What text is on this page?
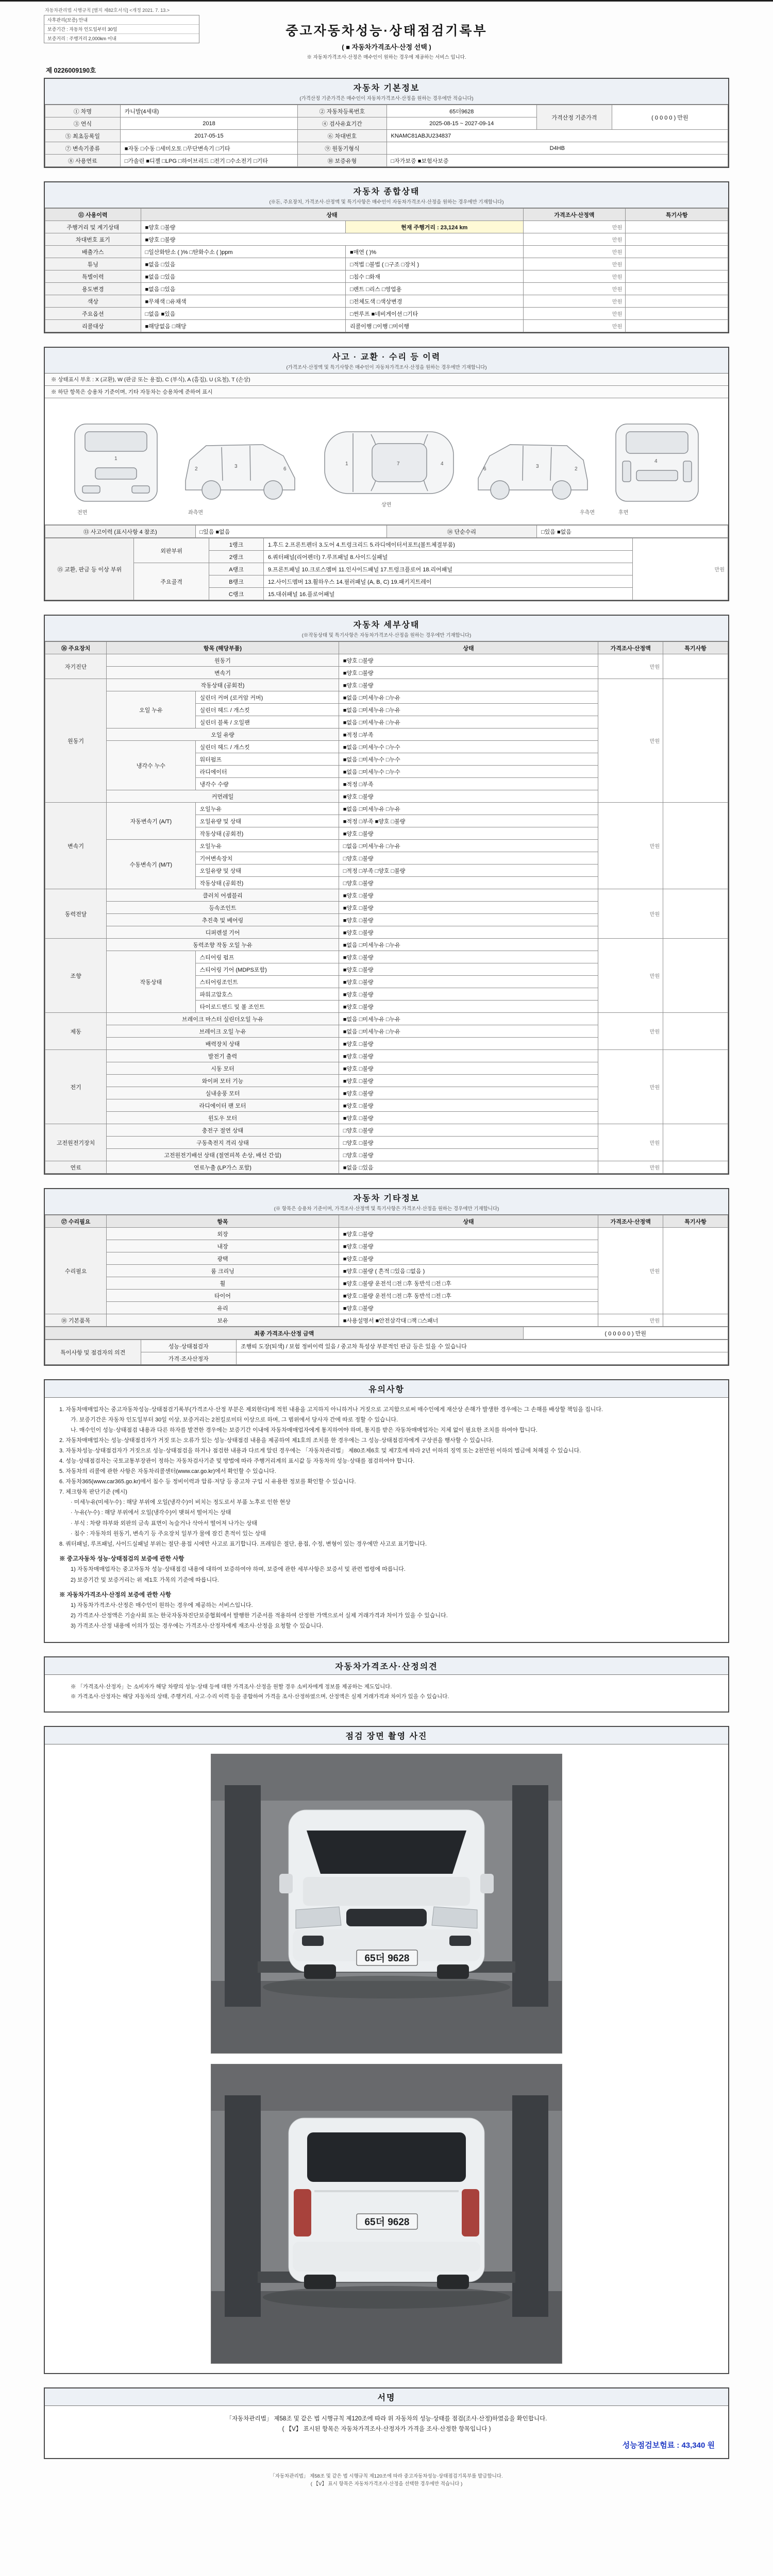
자동차관리법 시행규칙 [별지 제82호서식] <개정 2021. 7. 13.>
사후관리(보증) 안내
보증기간 : 자동차 인도일부터 30일
보증거리 : 주행거리 2,000km 이내
중고자동차성능·상태점검기록부
( ■ 자동차가격조사·산정 선택 )
※ 자동차가격조사·산정은 매수인이 원하는 경우에 제공하는 서비스 입니다.
제 0226009190호
자동차 기본정보
(가격산정 기준가격은 매수인이 자동차가격조사·산정을 원하는 경우에만 적습니다)
① 차명	카니발(4세대)	② 자동차등록번호	65더9628	가격산정 기준가격	( 0 0 0 0 ) 만원
③ 연식	2018	④ 검사유효기간	2025-08-15 ~ 2027-09-14		
⑤ 최초등록일	2017-05-15	⑥ 차대번호	KNAMC81ABJU234837		
⑦ 변속기종류	■자동 □수동 □세미오토 □무단변속기 □기타	⑨ 원동기형식	D4HB		
⑧ 사용연료	□가솔린 ■디젤 □LPG □하이브리드 □전기 □수소전기 □기타	⑩ 보증유형	□자가보증 ■보험사보증		
자동차 종합상태
(※돈, 주요장치, 가격조사·산정액 및 특기사항은 매수인이 자동차가격조사·산정을 원하는 경우에만 기재합니다)
⑪ 사용이력	상태		가격조사·산정액	특기사항
주행거리 및 계기상태	■양호 □불량	현재 주행거리 : 23,124 km	만원	
차대번호 표기	■양호 □불량		만원	
배출가스	□일산화탄소 ( )% □탄화수소 ( )ppm	■매연 ( )%	만원	
튜닝	■없음 □있음	□적법 □불법 ( □구조 □장치 )	만원	
특별이력	■없음 □있음	□침수 □화재	만원	
용도변경	■없음 □있음	□렌트 □리스 □영업용	만원	
색상	■무채색 □유채색	□전체도색 □색상변경	만원	
주요옵션	□없음 ■있음	□썬루프 ■네비게이션 □기타	만원	
리콜대상	■해당없음 □해당	리콜이행 □이행 □미이행	만원	
사고 · 교환 · 수리 등 이력
(가격조사·산정액 및 특기사항은 매수인이 자동차가격조사·산정을 원하는 경우에만 기재합니다)
※ 상태표시 부호 : X (교환), W (판금 또는 용접), C (부식), A (흠집), U (요철), T (손상)
※ 하단 항목은 승용차 기준이며, 기타 자동차는 승용차에 준하여 표시
1
전면
2	3	6
좌측면
1	7	4
상면
2
3
6
우측면
4
후면
⑬ 사고이력 (표시사항 4 참조)	□있음 ■없음	⑭ 단순수리	□있음 ■없음
⑮ 교환, 판금 등 이상 부위	외판부위	1랭크	1.후드 2.프론트펜더 3.도어 4.트렁크리드 5.라디에이터서포트(볼트체결부품)	만원
		2랭크	6.쿼터패널(리어펜더) 7.루프패널 8.사이드실패널	
	주요골격	A랭크	9.프론트패널 10.크로스멤버 11.인사이드패널 17.트렁크플로어 18.리어패널	
		B랭크	12.사이드멤버 13.휠하우스 14.필러패널 (A, B, C) 19.패키지트레이	
		C랭크	15.대쉬패널 16.플로어패널	
자동차 세부상태
(※작동상태 및 특기사항은 자동차가격조사·산정을 원하는 경우에만 기재합니다)
⑯ 주요장치	항목 (해당부품)		상태	가격조사·산정액	특기사항
자기진단	원동기		■양호 □불량	만원	
	변속기		■양호 □불량		
원동기	작동상태 (공회전)		■양호 □불량	만원	
	오일 누유	실린더 커버 (로커암 커버)	■없음 □미세누유 □누유		
		실린더 헤드 / 개스킷	■없음 □미세누유 □누유		
		실린더 블록 / 오일팬	■없음 □미세누유 □누유		
	오일 유량		■적정 □부족		
	냉각수 누수	실린더 헤드 / 개스킷	■없음 □미세누수 □누수		
		워터펌프	■없음 □미세누수 □누수		
		라디에이터	■없음 □미세누수 □누수		
		냉각수 수량	■적정 □부족		
	커먼레일		■양호 □불량		
변속기	자동변속기 (A/T)	오일누유	■없음 □미세누유 □누유	만원	
		오일유량 및 상태	■적정 □부족 ■양호 □불량		
		작동상태 (공회전)	■양호 □불량		
	수동변속기 (M/T)	오일누유	□없음 □미세누유 □누유		
		기어변속장치	□양호 □불량		
		오일유량 및 상태	□적정 □부족 □양호 □불량		
		작동상태 (공회전)	□양호 □불량		
동력전달	클러치 어셈블리		■양호 □불량	만원	
	등속조인트		■양호 □불량		
	추진축 및 베어링		■양호 □불량		
	디퍼렌셜 기어		■양호 □불량		
조향	동력조향 작동 오일 누유		■없음 □미세누유 □누유	만원	
	작동상태	스티어링 펌프	■양호 □불량		
		스티어링 기어 (MDPS포함)	■양호 □불량		
		스티어링조인트	■양호 □불량		
		파워고압호스	■양호 □불량		
		타이로드엔드 및 볼 조인트	■양호 □불량		
제동	브레이크 마스터 실린더오일 누유		■없음 □미세누유 □누유	만원	
	브레이크 오일 누유		■없음 □미세누유 □누유		
	배력장치 상태		■양호 □불량		
전기	발전기 출력		■양호 □불량	만원	
	시동 모터		■양호 □불량		
	와이퍼 모터 기능		■양호 □불량		
	실내송풍 모터		■양호 □불량		
	라디에이터 팬 모터		■양호 □불량		
	윈도우 모터		■양호 □불량		
고전원전기장치	충전구 절연 상태		□양호 □불량	만원	
	구동축전지 격리 상태		□양호 □불량		
	고전원전기배선 상태 (절연피복 손상, 배선 간섭)		□양호 □불량		
연료	연료누출 (LP가스 포함)		■없음 □있음	만원	
자동차 기타정보
(※ 항목은 승용차 기준이며, 가격조사·산정액 및 특기사항은 가격조사·산정을 원하는 경우에만 기재합니다)
⑰ 수리필요	항목	상태	가격조사·산정액	특기사항
수리필요	외장	■양호 □불량	만원	
	내장	■양호 □불량		
	광택	■양호 □불량		
	룸 크리닝	■양호 □불량 ( 흔적 □있음 □없음 )		
	휠	■양호 □불량 운전석 □전 □후 동반석 □전 □후		
	타이어	■양호 □불량 운전석 □전 □후 동반석 □전 □후		
	유리	■양호 □불량		
⑱ 기본품목	보유	■사용설명서 ■안전삼각대 □잭 □스패너	만원	
최종 가격조사·산정 금액	( 0 0 0 0 0 ) 만원
특이사항 및 점검자의 의견	성능·상태점검자	조행띠 도장(퇴색) / 보험 정비이력 있음 / 중고차 특성상 부분적인 판금 등은 있을 수 있습니다
	가격·조사산정자	
유의사항
1. 자동차매매업자는 중고자동차성능·상태점검기록부(가격조사·산정 부분은 제외한다)에 적힌 내용을 고지하지 아니하거나 거짓으로 고지함으로써 매수인에게 재산상 손해가 발생한 경우에는 그 손해를 배상할 책임을 집니다.
가. 보증기간은 자동차 인도일부터 30일 이상, 보증거리는 2천킬로미터 이상으로 하며, 그 범위에서 당사자 간에 따로 정할 수 있습니다.
나. 매수인이 성능·상태점검 내용과 다른 하자를 발견한 경우에는 보증기간 이내에 자동차매매업자에게 통지하여야 하며, 통지를 받은 자동차매매업자는 지체 없이 필요한 조치를 하여야 합니다.
2. 자동차매매업자는 성능·상태점검자가 거짓 또는 오류가 있는 성능·상태점검 내용을 제공하여 제1호의 조치를 한 경우에는 그 성능·상태점검자에게 구상권을 행사할 수 있습니다.
3. 자동차성능·상태점검자가 거짓으로 성능·상태점검을 하거나 점검한 내용과 다르게 알린 경우에는 「자동차관리법」 제80조제6호 및 제7호에 따라 2년 이하의 징역 또는 2천만원 이하의 벌금에 처해질 수 있습니다.
4. 성능·상태점검자는 국토교통부장관이 정하는 자동차검사기준 및 방법에 따라 주행거리계의 표시값 등 자동차의 성능·상태를 점검하여야 합니다.
5. 자동차의 리콜에 관한 사항은 자동차리콜센터(www.car.go.kr)에서 확인할 수 있습니다.
6. 자동차365(www.car365.go.kr)에서 침수 등 정비이력과 압류·저당 등 중고차 구입 시 유용한 정보를 확인할 수 있습니다.
7. 체크항목 판단기준 (예시)
· 미세누유(미세누수) : 해당 부위에 오일(냉각수)이 비치는 정도로서 부품 노후로 인한 현상
· 누유(누수) : 해당 부위에서 오일(냉각수)이 맺혀서 떨어지는 상태
· 부식 : 차량 하부와 외판의 금속 표면이 녹슬거나 삭아서 떨어져 나가는 상태
· 침수 : 자동차의 원동기, 변속기 등 주요장치 일부가 물에 잠긴 흔적이 있는 상태
8. 쿼터패널, 루프패널, 사이드실패널 부위는 절단·용접 시에만 사고로 표기합니다. 프레임은 절단, 용접, 수정, 변형이 있는 경우에만 사고로 표기합니다.
※ 중고자동차 성능·상태점검의 보증에 관한 사항
1) 자동차매매업자는 중고자동차 성능·상태점검 내용에 대하여 보증하여야 하며, 보증에 관한 세부사항은 보증서 및 관련 법령에 따릅니다.
2) 보증기간 및 보증거리는 위 제1호 가목의 기준에 따릅니다.
※ 자동차가격조사·산정의 보증에 관한 사항
1) 자동차가격조사·산정은 매수인이 원하는 경우에 제공하는 서비스입니다.
2) 가격조사·산정액은 기술사회 또는 한국자동차진단보증협회에서 발행한 기준서를 적용하여 산정한 가액으로서 실제 거래가격과 차이가 있을 수 있습니다.
3) 가격조사·산정 내용에 이의가 있는 경우에는 가격조사·산정자에게 재조사·산정을 요청할 수 있습니다.
자동차가격조사·산정의견
※ 「가격조사·산정자」는 소비자가 해당 차량의 성능·상태 등에 대한 가격조사·산정을 원할 경우 소비자에게 정보를 제공하는 제도입니다.
※ 가격조사·산정자는 해당 자동차의 상태, 주행거리, 사고·수리 이력 등을 종합하여 가격을 조사·산정하였으며, 산정액은 실제 거래가격과 차이가 있을 수 있습니다.
점검 장면 촬영 사진
65더 9628
65더 9628
서명
「자동차관리법」 제58조 및 같은 법 시행규칙 제120조에 따라 위 자동차의 성능·상태를 점검(조사·산정)하였음을 확인합니다.
( 【V】 표시된 항목은 자동차가격조사·산정자가 가격을 조사·산정한 항목입니다 )
성능점검보험료 : 43,340 원
「자동차관리법」 제58조 및 같은 법 시행규칙 제120조에 따라 중고자동차성능·상태점검기록부를 발급합니다.
( 【V】 표시 항목은 자동차가격조사·산정을 선택한 경우에만 적습니다 )
